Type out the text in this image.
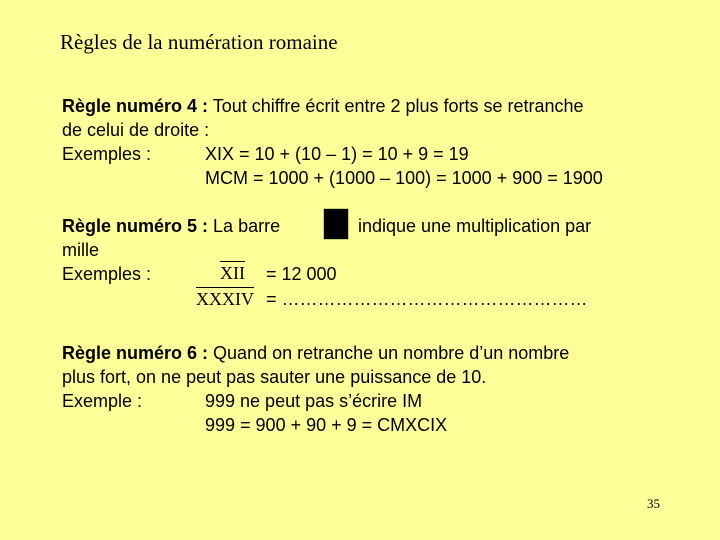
Règles de la numération romaine
Règle numéro 4 : Tout chiffre écrit entre 2 plus forts se retranche
de celui de droite :
Exemples :	XIX = 10 + (10 – 1) = 10 + 9 = 19
MCM = 1000 + (1000 – 100) = 1000 + 900 = 1900
Règle numéro 5 : La barre	indique une multiplication par
mille
Exemples :	XII = 12 000
XXXIV = ……………………………………………
Règle numéro 6 : Quand on retranche un nombre d’un nombre
plus fort, on ne peut pas sauter une puissance de 10.
Exemple :	999 ne peut pas s’écrire IM
999 = 900 + 90 + 9 = CMXCIX
35
